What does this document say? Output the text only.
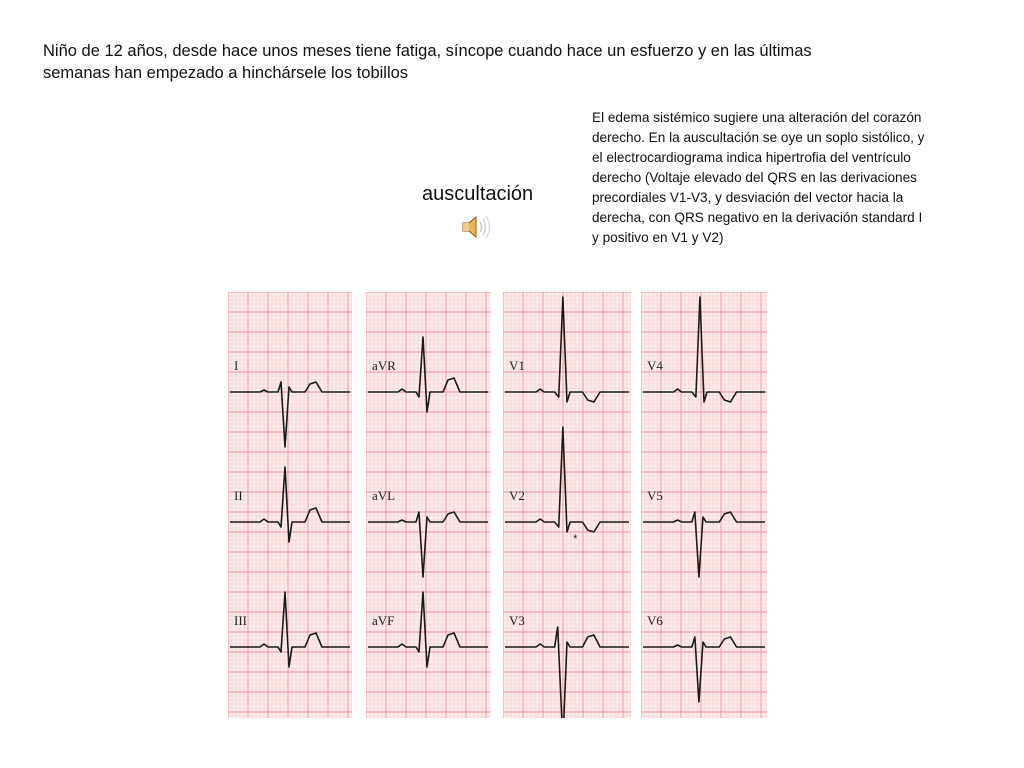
Niño de 12 años, desde hace unos meses tiene fatiga, síncope cuando hace un esfuerzo y en las últimas
semanas han empezado a hinchársele los tobillos
El edema sistémico sugiere una alteración del corazón
derecho. En la auscultación se oye un soplo sistólico, y
el electrocardiograma indica hipertrofia del ventrículo
derecho (Voltaje elevado del QRS en las derivaciones
precordiales V1-V3, y desviación del vector hacia la
derecha, con QRS negativo en la derivación standard I
y positivo en V1 y V2)
auscultación
I
II
III
aVR
aVL
aVF
V1
V2
*
V3
V4
V5
V6
